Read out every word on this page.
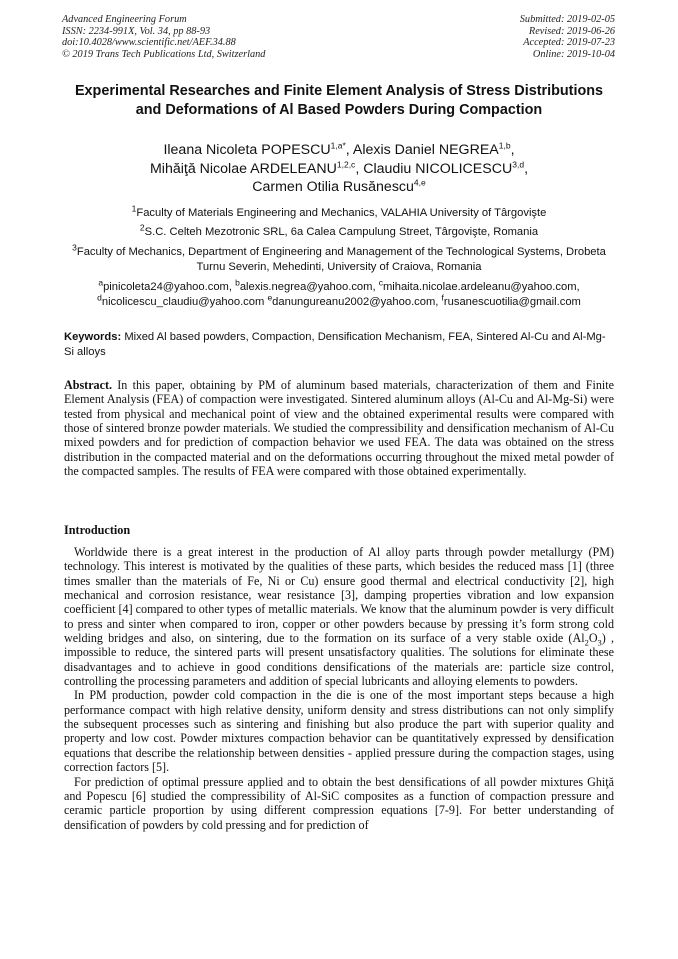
Advanced Engineering Forum
ISSN: 2234-991X, Vol. 34, pp 88-93
doi:10.4028/www.scientific.net/AEF.34.88
© 2019 Trans Tech Publications Ltd, Switzerland
Submitted: 2019-02-05
Revised: 2019-06-26
Accepted: 2019-07-23
Online: 2019-10-04
Experimental Researches and Finite Element Analysis of Stress Distributions and Deformations of Al Based Powders During Compaction
Ileana Nicoleta $POPESCU^{1,a*}$, Alexis Daniel NEGREA$^{1,b}$,
Mihăiţă Nicolae ARDELEANU$^{1,2,c}$, Claudiu NICOLICESCU$^{3,d}$,
Carmen Otilia Rusănescu$^{4,e}$
$^1$Faculty of Materials Engineering and Mechanics, VALAHIA University of Târgovişte
$^2$S.C. Celteh Mezotronic SRL, 6a Calea Campulung Street, Târgovişte, Romania
$^3$Faculty of Mechanics, Department of Engineering and Management of the Technological Systems, Drobeta Turnu Severin, Mehedinti, University of Craiova, Romania
$^a$pinicoleta24@yahoo.com, $^b$alexis.negrea@yahoo.com, $^c$mihaita.nicolae.ardeleanu@yahoo.com,
$^d$nicolicescu_claudiu@yahoo.com $^e$danungureanu2002@yahoo.com, $^f$rusanescuotilia@gmail.com
Keywords: Mixed Al based powders, Compaction, Densification Mechanism, FEA, Sintered Al-Cu and Al-Mg-Si alloys
Abstract. In this paper, obtaining by PM of aluminum based materials, characterization of them and Finite Element Analysis (FEA) of compaction were investigated. Sintered aluminum alloys (Al-Cu and Al-Mg-Si) were tested from physical and mechanical point of view and the obtained experimental results were compared with those of sintered bronze powder materials. We studied the compressibility and densification mechanism of Al-Cu mixed powders and for prediction of compaction behavior we used FEA. The data was obtained on the stress distribution in the compacted material and on the deformations occurring throughout the mixed metal powder of the compacted samples. The results of FEA were compared with those obtained experimentally.
Introduction

Worldwide there is a great interest in the production of Al alloy parts through powder metallurgy (PM) technology. This interest is motivated by the qualities of these parts, which besides the reduced mass [1] (three times smaller than the materials of Fe, Ni or Cu) ensure good thermal and electrical conductivity [2], high mechanical and corrosion resistance, wear resistance [3], damping properties vibration and low expansion coefficient [4] compared to other types of metallic materials. We know that the aluminum powder is very difficult to press and sinter when compared to iron, copper or other powders because by pressing it’s form strong cold welding bridges and also, on sintering, due to the formation on its surface of a very stable oxide $(Al_2O_3)$ , impossible to reduce, the sintered parts will present unsatisfactory qualities. The solutions for eliminate these disadvantages and to achieve in good conditions densifications of the materials are: particle size control, controlling the processing parameters and addition of special lubricants and alloying elements to powders.

In PM production, powder cold compaction in the die is one of the most important steps because a high performance compact with high relative density, uniform density and stress distributions can not only simplify the subsequent processes such as sintering and finishing but also produce the part with superior quality and property and low cost. Powder mixtures compaction behavior can be quantitatively expressed by densification equations that describe the relationship between densities - applied pressure during the compaction stages, using correction factors [5].

For prediction of optimal pressure applied and to obtain the best densifications of all powder mixtures Ghiţă and Popescu [6] studied the compressibility of Al-SiC composites as a function of compaction pressure and ceramic particle proportion by using different compression equations [7-9]. For better understanding of densification of powders by cold pressing and for prediction of
